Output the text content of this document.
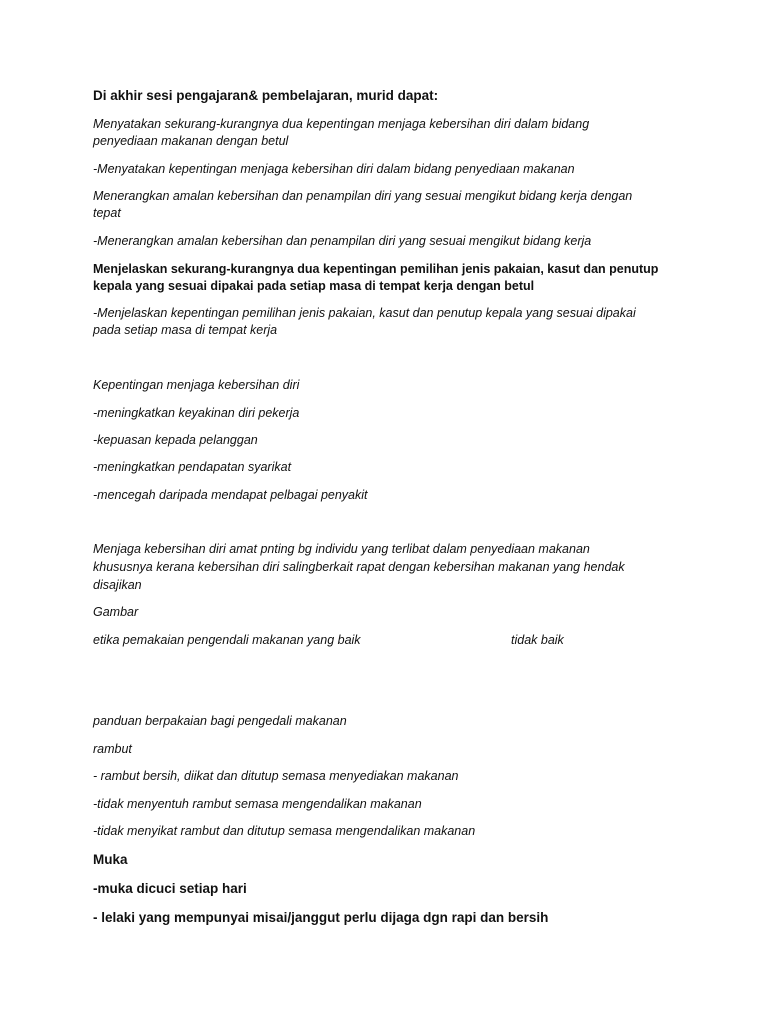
Di akhir sesi pengajaran& pembelajaran, murid dapat:
Menyatakan sekurang-kurangnya dua kepentingan menjaga kebersihan diri dalam bidang
penyediaan makanan dengan betul
-Menyatakan kepentingan menjaga kebersihan diri dalam bidang penyediaan makanan
Menerangkan amalan kebersihan dan penampilan diri yang sesuai mengikut bidang kerja dengan
tepat
-Menerangkan amalan kebersihan dan penampilan diri yang sesuai mengikut bidang kerja
Menjelaskan sekurang-kurangnya dua kepentingan pemilihan jenis pakaian, kasut dan penutup
kepala yang sesuai dipakai pada setiap masa di tempat kerja dengan betul
-Menjelaskan kepentingan pemilihan jenis pakaian, kasut dan penutup kepala yang sesuai dipakai
pada setiap masa di tempat kerja
Kepentingan menjaga kebersihan diri
-meningkatkan keyakinan diri pekerja
-kepuasan kepada pelanggan
-meningkatkan pendapatan syarikat
-mencegah daripada mendapat pelbagai penyakit
Menjaga kebersihan diri amat pnting bg individu yang terlibat dalam penyediaan makanan
khususnya kerana kebersihan diri salingberkait rapat dengan kebersihan makanan yang hendak
disajikan
Gambar
etika pemakaian pengendali makanan yang baik	tidak baik
panduan berpakaian bagi pengedali makanan
rambut
- rambut bersih, diikat dan ditutup semasa menyediakan makanan
-tidak menyentuh rambut semasa mengendalikan makanan
-tidak menyikat rambut dan ditutup semasa mengendalikan makanan
Muka
-muka dicuci setiap hari
- lelaki yang mempunyai misai/janggut perlu dijaga dgn rapi dan bersih
